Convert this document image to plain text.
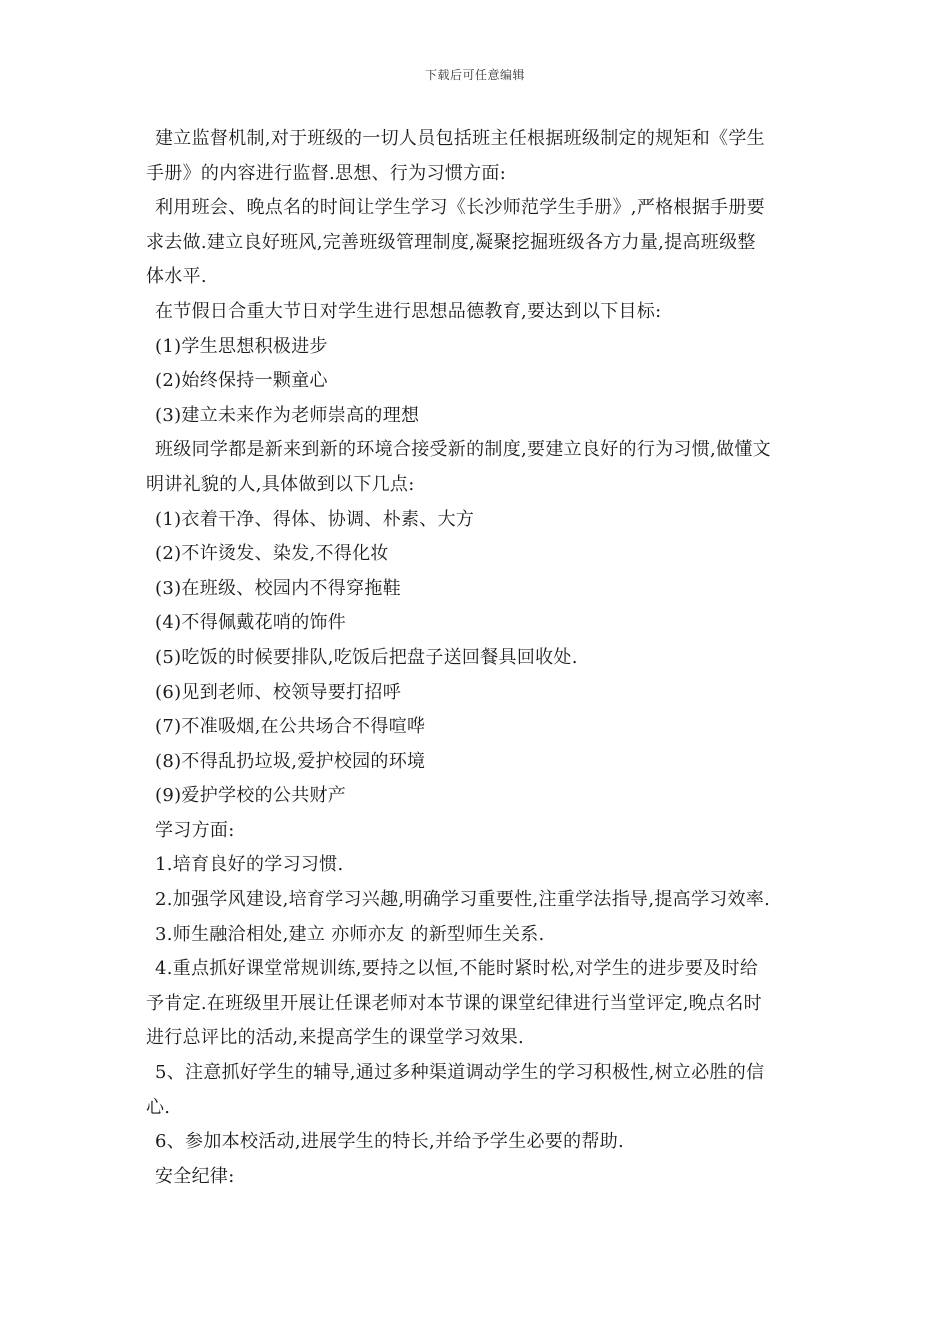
下载后可任意编辑
建立监督机制,对于班级的一切人员包括班主任根据班级制定的规矩和《学生
手册》的内容进行监督.思想、行为习惯方面:
利用班会、晚点名的时间让学生学习《长沙师范学生手册》,严格根据手册要
求去做.建立良好班风,完善班级管理制度,凝聚挖掘班级各方力量,提高班级整
体水平.
在节假日合重大节日对学生进行思想品德教育,要达到以下目标:
(1)学生思想积极进步
(2)始终保持一颗童心
(3)建立未来作为老师崇高的理想
班级同学都是新来到新的环境合接受新的制度,要建立良好的行为习惯,做懂文
明讲礼貌的人,具体做到以下几点:
(1)衣着干净、得体、协调、朴素、大方
(2)不许烫发、染发,不得化妆
(3)在班级、校园内不得穿拖鞋
(4)不得佩戴花哨的饰件
(5)吃饭的时候要排队,吃饭后把盘子送回餐具回收处.
(6)见到老师、校领导要打招呼
(7)不准吸烟,在公共场合不得喧哗
(8)不得乱扔垃圾,爱护校园的环境
(9)爱护学校的公共财产
学习方面:
1.培育良好的学习习惯.
2.加强学风建设,培育学习兴趣,明确学习重要性,注重学法指导,提高学习效率.
3.师生融洽相处,建立 亦师亦友 的新型师生关系.
4.重点抓好课堂常规训练,要持之以恒,不能时紧时松,对学生的进步要及时给
予肯定.在班级里开展让任课老师对本节课的课堂纪律进行当堂评定,晚点名时
进行总评比的活动,来提高学生的课堂学习效果.
5、注意抓好学生的辅导,通过多种渠道调动学生的学习积极性,树立必胜的信
心.
6、参加本校活动,进展学生的特长,并给予学生必要的帮助.
安全纪律:
